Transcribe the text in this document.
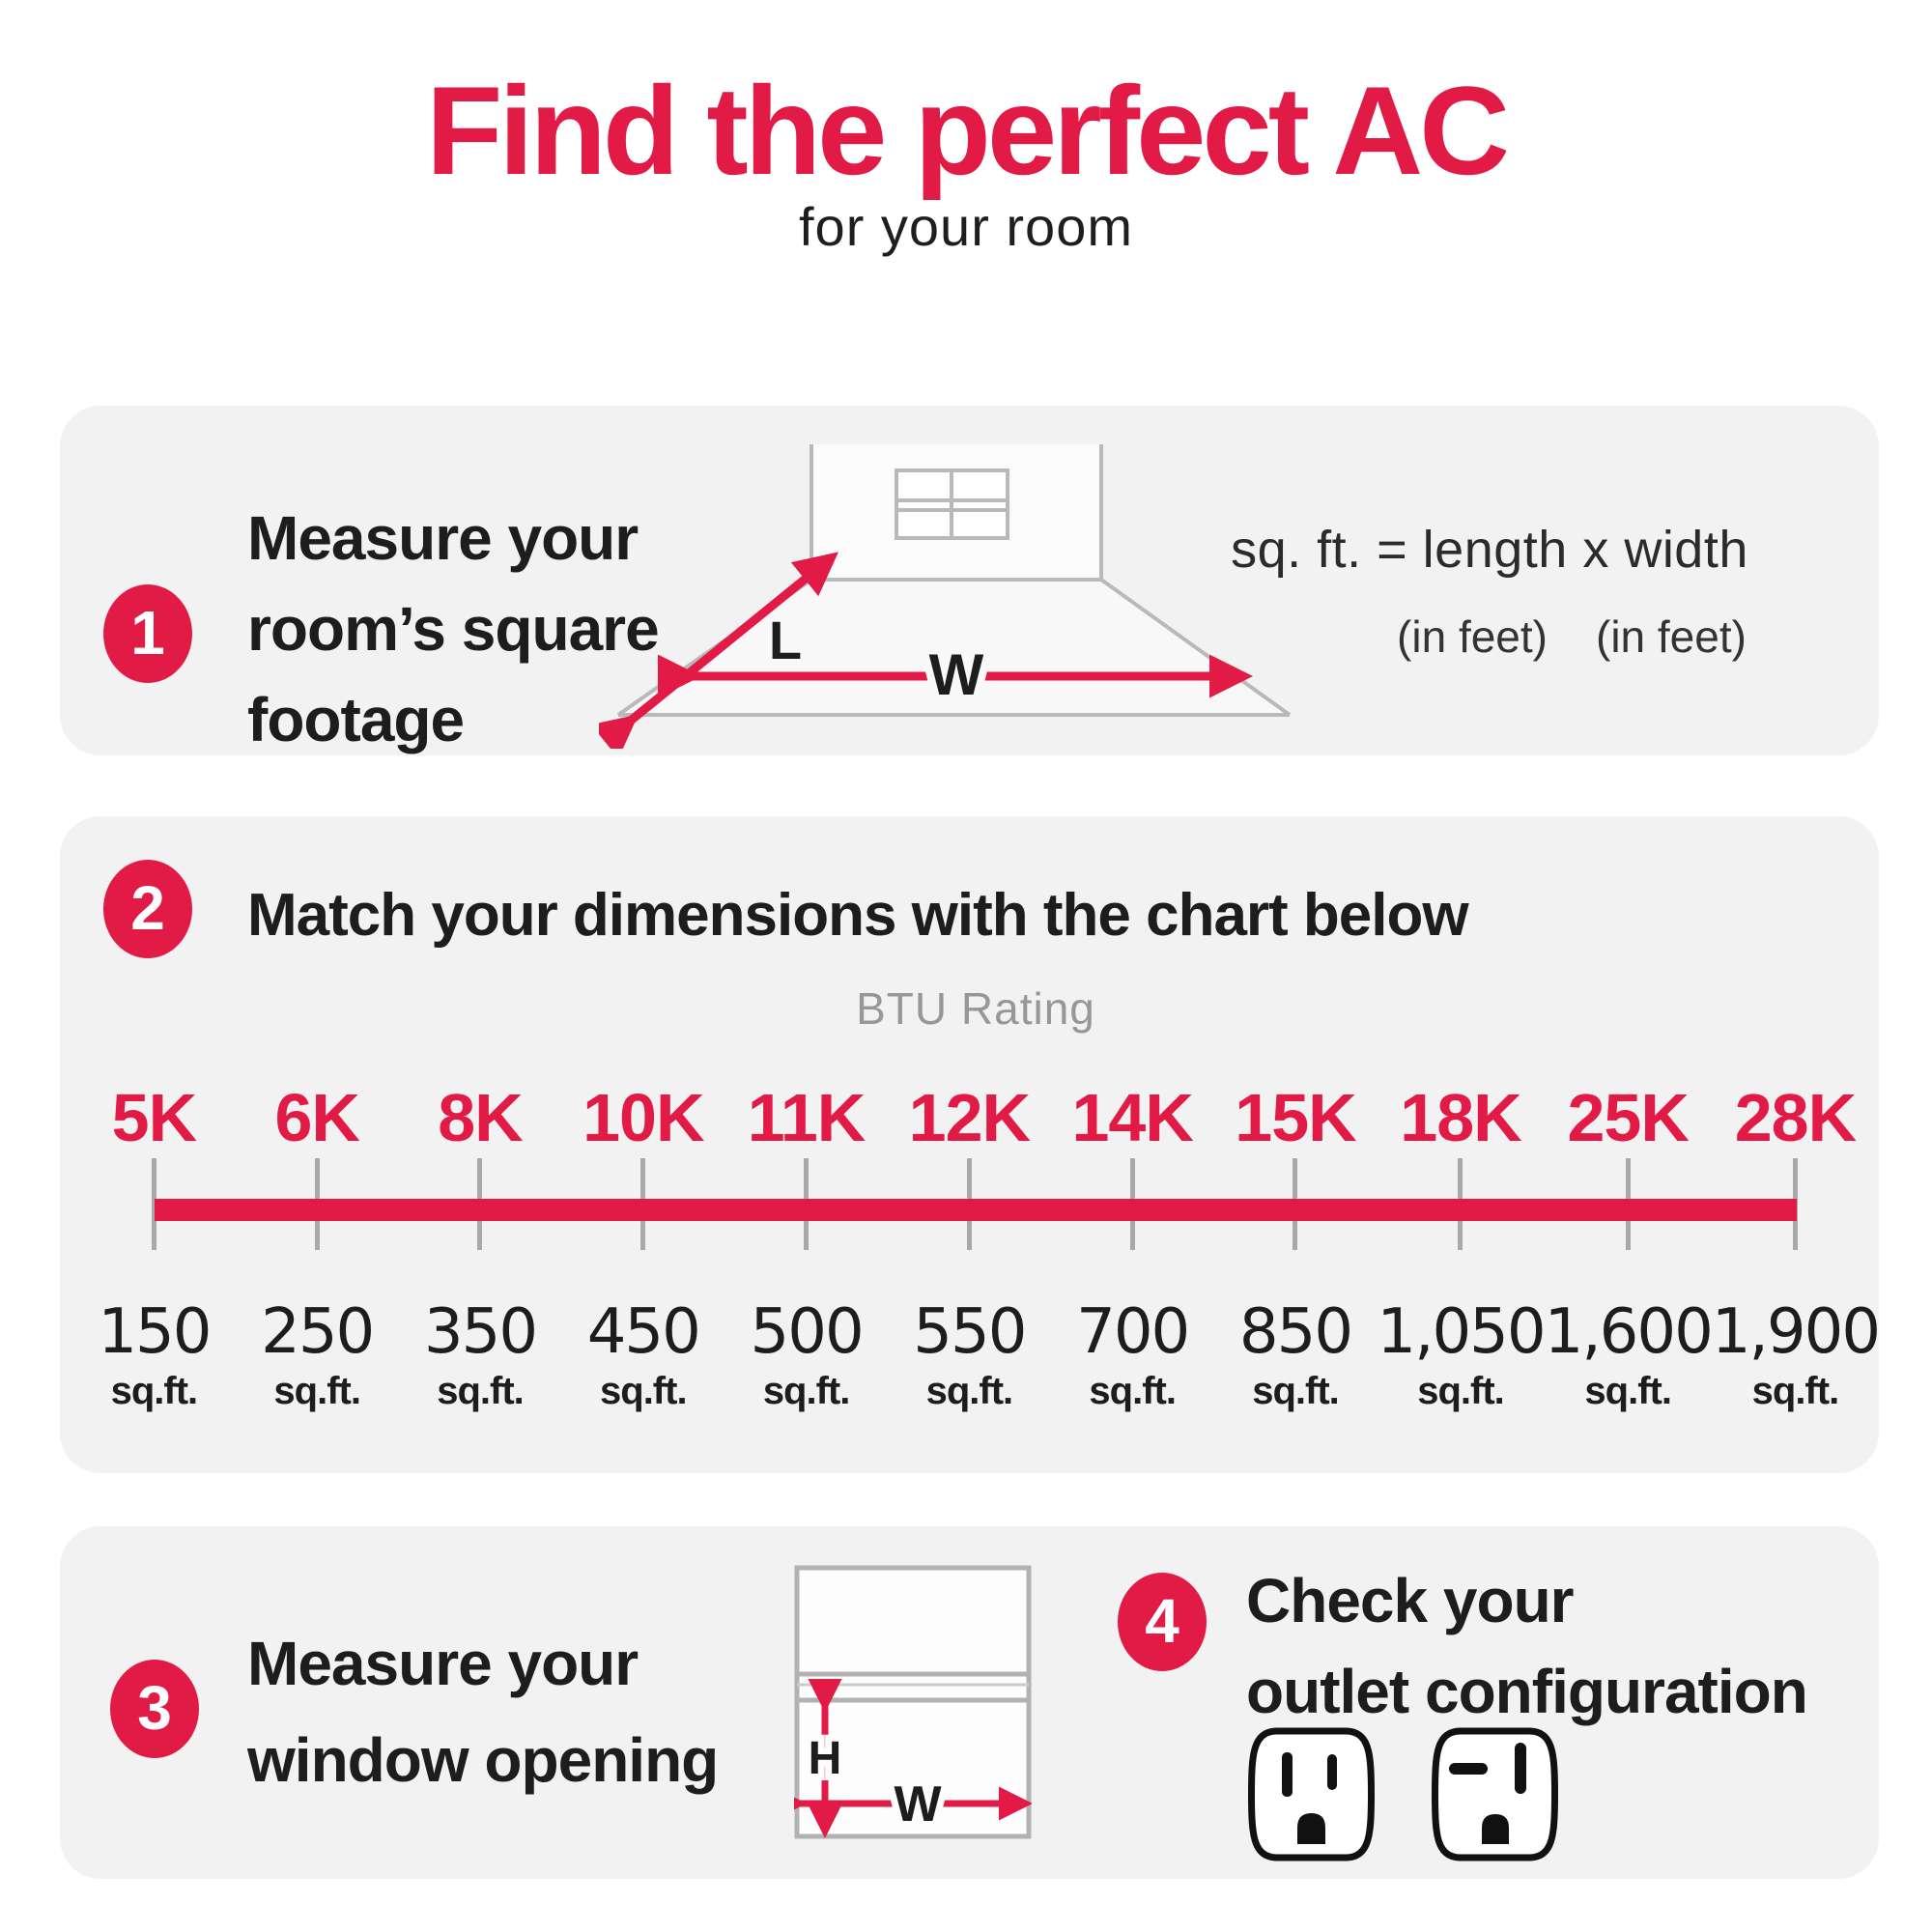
Find the perfect AC
for your room
1
Measure your
room’s square
footage
L
W
sq. ft. = length x width
(in feet) (in feet)
2	Match your dimensions with the chart below
BTU Rating
5K
150
sq.ft.
6K
250
sq.ft.
8K
350
sq.ft.
10K
450
sq.ft.
11K
500
sq.ft.
12K
550
sq.ft.
14K
700
sq.ft.
15K
850
sq.ft.
18K
1,050
sq.ft.
25K
1,600
sq.ft.
28K
1,900
sq.ft.
3
Measure your
window opening H
W
4	Check your
outlet configuration
